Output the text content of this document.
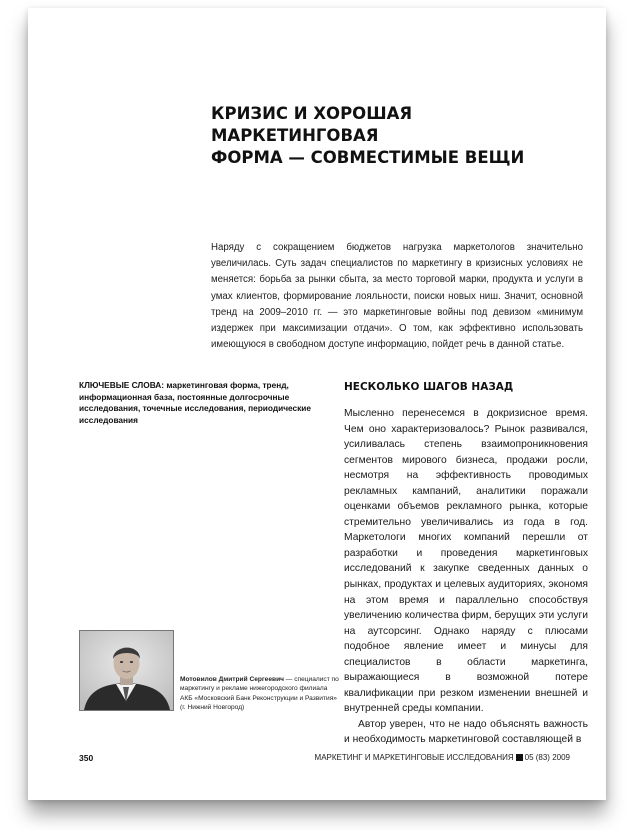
КРИЗИС И ХОРОШАЯ МАРКЕТИНГОВАЯ
ФОРМА — СОВМЕСТИМЫЕ ВЕЩИ

Наряду с сокращением бюджетов нагрузка маркетологов значительно увеличилась. Суть задач специалистов по маркетингу в кризисных условиях не меняется: борьба за рынки сбыта, за место торговой марки, продукта и услуги в умах клиентов, формирование лояльности, поиски новых ниш. Значит, основной тренд на 2009–2010 гг. — это маркетинговые войны под девизом «минимум издержек при максимизации отдачи». О том, как эффективно использовать имеющуюся в свободном доступе информацию, пойдет речь в данной статье.

КЛЮЧЕВЫЕ СЛОВА: маркетинговая форма, тренд, информационная база, постоянные долгосрочные исследования, точечные исследования, периодические исследования

НЕСКОЛЬКО ШАГОВ НАЗАД

Мысленно перенесемся в докризисное время. Чем оно характеризовалось? Рынок развивался, усиливалась степень взаимопроникновения сегментов мирового бизнеса, продажи росли, несмотря на эффективность проводимых рекламных кампаний, аналитики поражали оценками объемов рекламного рынка, которые стремительно увеличивались из года в год. Маркетологи многих компаний перешли от разработки и проведения маркетинговых исследований к закупке сведенных данных о рынках, продуктах и целевых аудиториях, экономя на этом время и параллельно способствуя увеличению количества фирм, берущих эти услуги на аутсорсинг. Однако наряду с плюсами подобное явление имеет и минусы для специалистов в области маркетинга, выражающиеся в возможной потере квалификации при резком изменении внешней и внутренней среды компании.

Автор уверен, что не надо объяснять важность и необходимость маркетинговой составляющей в

Мотовилов Дмитрий Сергеевич — специалист по маркетингу и рекламе нижегородского филиала АКБ «Московский Банк Реконструкции и Развития» (г. Нижний Новгород)

350	МАРКЕТИНГ И МАРКЕТИНГОВЫЕ ИССЛЕДОВАНИЯ 05 (83) 2009
